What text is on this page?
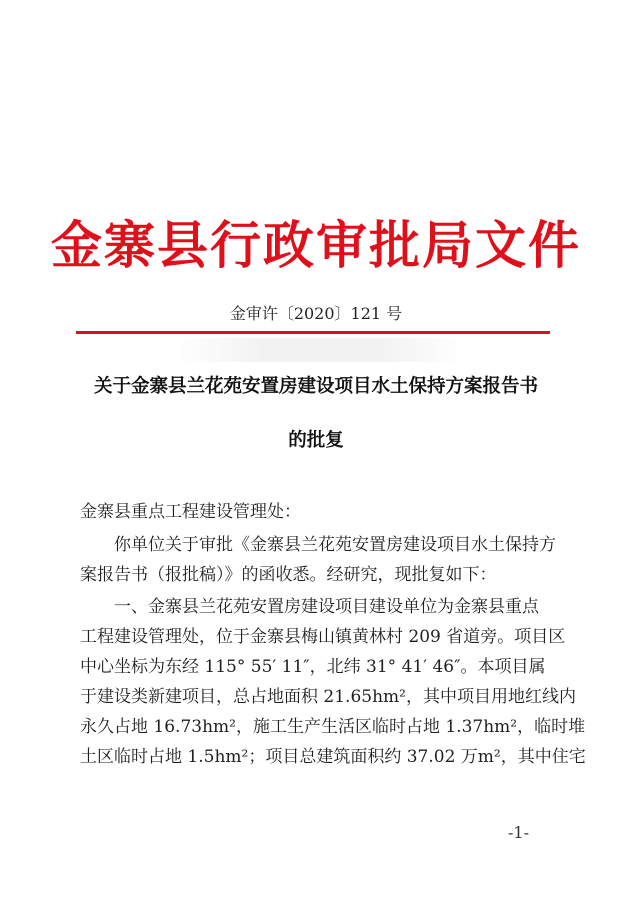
金寨县行政审批局文件
金审许〔2020〕121 号
关于金寨县兰花苑安置房建设项目水土保持方案报告书
的批复
金寨县重点工程建设管理处：
你单位关于审批《金寨县兰花苑安置房建设项目水土保持方
案报告书（报批稿）》的函收悉。经研究，现批复如下：
一、金寨县兰花苑安置房建设项目建设单位为金寨县重点
工程建设管理处，位于金寨县梅山镇黄林村 209 省道旁。项目区
中心坐标为东经 115° 55′ 11″，北纬 31° 41′ 46″。本项目属
于建设类新建项目，总占地面积 21.65hm²，其中项目用地红线内
永久占地 16.73hm²，施工生产生活区临时占地 1.37hm²，临时堆
土区临时占地 1.5hm²；项目总建筑面积约 37.02 万m²，其中住宅
-1-
